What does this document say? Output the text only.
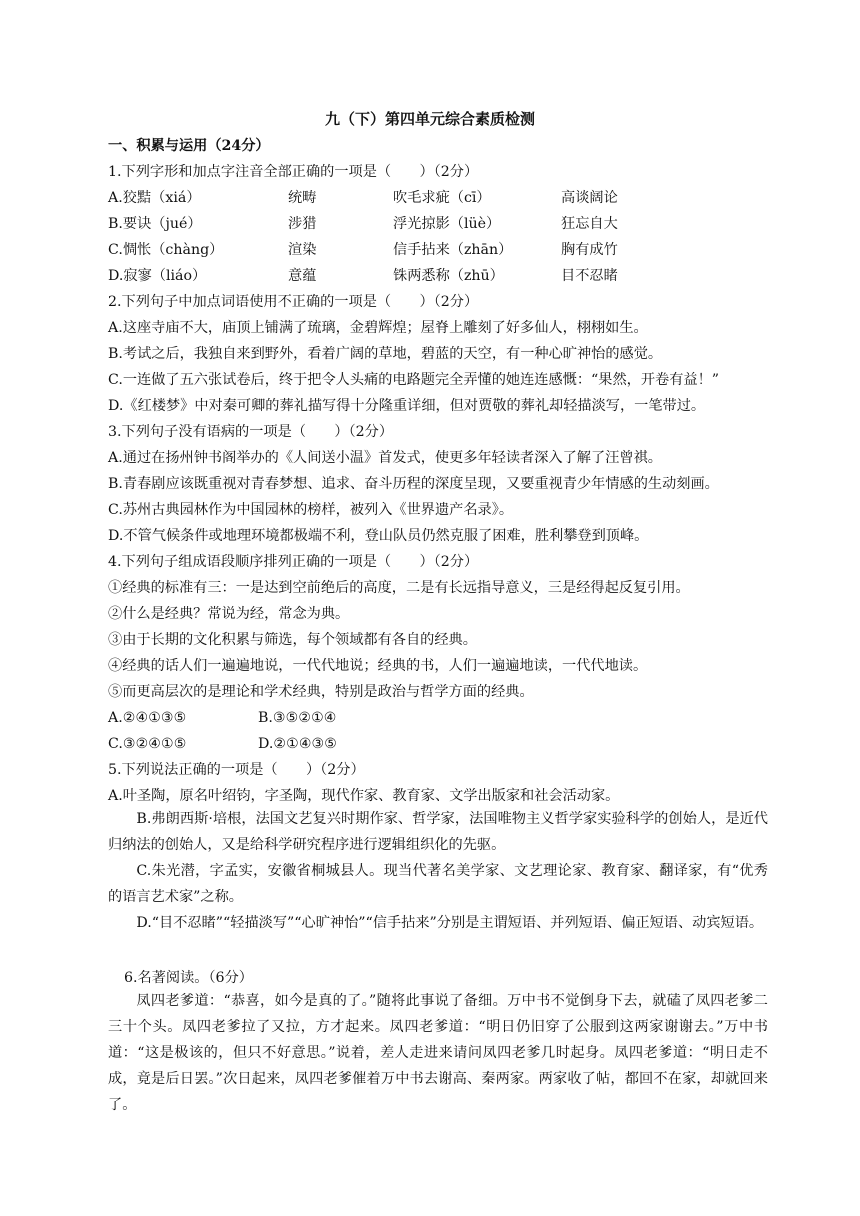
九（下）第四单元综合素质检测
一、积累与运用（24分）
1.下列字形和加点字注音全部正确的一项是（　　）（2分）
A.狡黠（xiá）	统畴	吹毛求疵（cī）	高谈阔论
B.要诀（jué）	涉猎	浮光掠影（lüè）	狂忘自大
C.惆怅（chàng）	渲染	信手拈来（zhān）	胸有成竹
D.寂寥（liáo）	意蕴	铢两悉称（zhū）	目不忍睹
2.下列句子中加点词语使用不正确的一项是（　　）（2分）
A.这座寺庙不大，庙顶上铺满了琉璃，金碧辉煌；屋脊上雕刻了好多仙人，栩栩如生。
B.考试之后，我独自来到野外，看着广阔的草地，碧蓝的天空，有一种心旷神怡的感觉。
C.一连做了五六张试卷后，终于把令人头痛的电路题完全弄懂的她连连感慨：“果然，开卷有益！”
D.《红楼梦》中对秦可卿的葬礼描写得十分隆重详细，但对贾敬的葬礼却轻描淡写，一笔带过。
3.下列句子没有语病的一项是（　　）（2分）
A.通过在扬州钟书阁举办的《人间送小温》首发式，使更多年轻读者深入了解了汪曾祺。
B.青春剧应该既重视对青春梦想、追求、奋斗历程的深度呈现，又要重视青少年情感的生动刻画。
C.苏州古典园林作为中国园林的榜样，被列入《世界遗产名录》。
D.不管气候条件或地理环境都极端不利，登山队员仍然克服了困难，胜利攀登到顶峰。
4.下列句子组成语段顺序排列正确的一项是（　　）（2分）
①经典的标准有三：一是达到空前绝后的高度，二是有长远指导意义，三是经得起反复引用。
②什么是经典？常说为经，常念为典。
③由于长期的文化积累与筛选，每个领域都有各自的经典。
④经典的话人们一遍遍地说，一代代地说；经典的书，人们一遍遍地读，一代代地读。
⑤而更高层次的是理论和学术经典，特别是政治与哲学方面的经典。
A.②④①③⑤	B.③⑤②①④
C.③②④①⑤	D.②①④③⑤
5.下列说法正确的一项是（　　）（2分）
A.叶圣陶，原名叶绍钧，字圣陶，现代作家、教育家、文学出版家和社会活动家。
B.弗朗西斯·培根，法国文艺复兴时期作家、哲学家，法国唯物主义哲学家实验科学的创始人，是近代归纳法的创始人，又是给科学研究程序进行逻辑组织化的先驱。
C.朱光潜，字孟实，安徽省桐城县人。现当代著名美学家、文艺理论家、教育家、翻译家，有“优秀的语言艺术家”之称。
D.“目不忍睹”“轻描淡写”“心旷神怡”“信手拈来”分别是主谓短语、并列短语、偏正短语、动宾短语。
6.名著阅读。（6分）
凤四老爹道：“恭喜，如今是真的了。”随将此事说了备细。万中书不觉倒身下去，就磕了凤四老爹二三十个头。凤四老爹拉了又拉，方才起来。凤四老爹道：“明日仍旧穿了公服到这两家谢谢去。”万中书道：“这是极该的，但只不好意思。”说着，差人走进来请问凤四老爹几时起身。凤四老爹道：“明日走不成，竟是后日罢。”次日起来，凤四老爹催着万中书去谢高、秦两家。两家收了帖，都回不在家，却就回来了。
